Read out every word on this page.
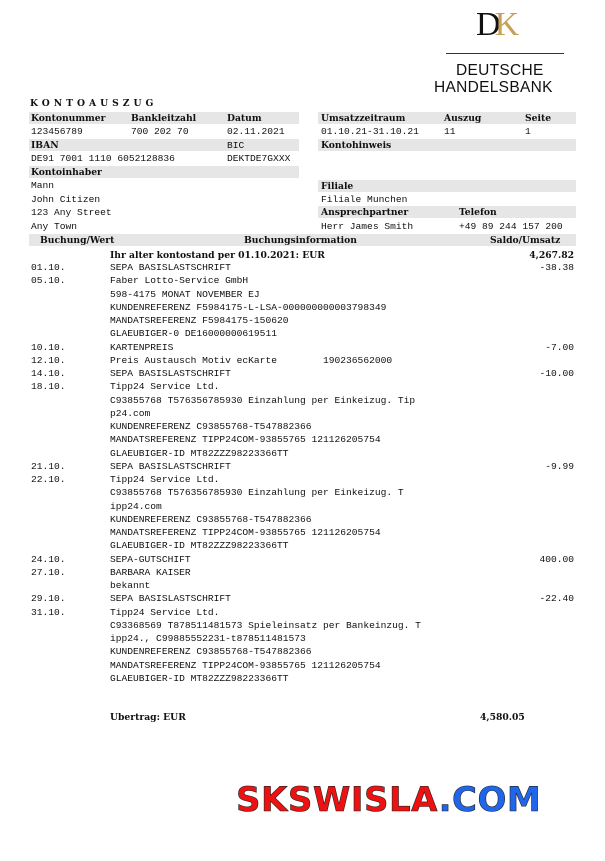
DK
DEUTSCHE
HANDELSBANK
KONTOAUSZUG
Kontonummer	Bankleitzahl	Datum	Umsatzzeitraum	Auszug	Seite
123456789	700 202 70	02.11.2021	01.10.21-31.10.21	11	1
IBAN	BIC	Kontohinweis
DE91 7001 1110 6052128836	DEKTDE7GXXX
Kontoinhaber
Mann
John Citizen
123 Any Street
Any Town
Filiale
Filiale Munchen
Ansprechpartner	Telefon
Herr James Smith	+49 89 244 157 200
Buchung/Wert	Buchungsinformation	Saldo/Umsatz
Ihr alter kontostand per 01.10.2021: EUR	4,267.82
01.10.	SEPA BASISLASTSCHRIFT	-38.38
05.10.	Faber Lotto-Service GmbH
598-4175 MONAT NOVEMBER EJ
KUNDENREFERENZ F5984175-L-LSA-000000000003798349
MANDATSREFERENZ F5984175-150620
GLAEUBIGER-0 DE16000000619511
10.10.	KARTENPREIS	-7.00
12.10.	Preis Austausch Motiv ecKarte        190236562000
14.10.	SEPA BASISLASTSCHRIFT	-10.00
18.10.	Tipp24 Service Ltd.
C93855768 T576356785930 Einzahlung per Einkeizug. Tip
p24.com
KUNDENREFERENZ C93855768-T547882366
MANDATSREFERENZ TIPP24COM-93855765 121126205754
GLAEUBIGER-ID MT82ZZZ98223366TT
21.10.	SEPA BASISLASTSCHRIFT	-9.99
22.10.	Tipp24 Service Ltd.
C93855768 T576356785930 Einzahlung per Einkeizug. T
ipp24.com
KUNDENREFERENZ C93855768-T547882366
MANDATSREFERENZ TIPP24COM-93855765 121126205754
GLAEUBIGER-ID MT82ZZZ98223366TT
24.10.	SEPA-GUTSCHIFT	400.00
27.10.	BARBARA KAISER
bekannt
29.10.	SEPA BASISLASTSCHRIFT	-22.40
31.10.	Tipp24 Service Ltd.
C93368569 T878511481573 Spieleinsatz per Bankeinzug. T
ipp24., C99885552231-t878511481573
KUNDENREFERENZ C93855768-T547882366
MANDATSREFERENZ TIPP24COM-93855765 121126205754
GLAEUBIGER-ID MT82ZZZ98223366TT
Ubertrag: EUR	4,580.05
SKSWISLA.COM
